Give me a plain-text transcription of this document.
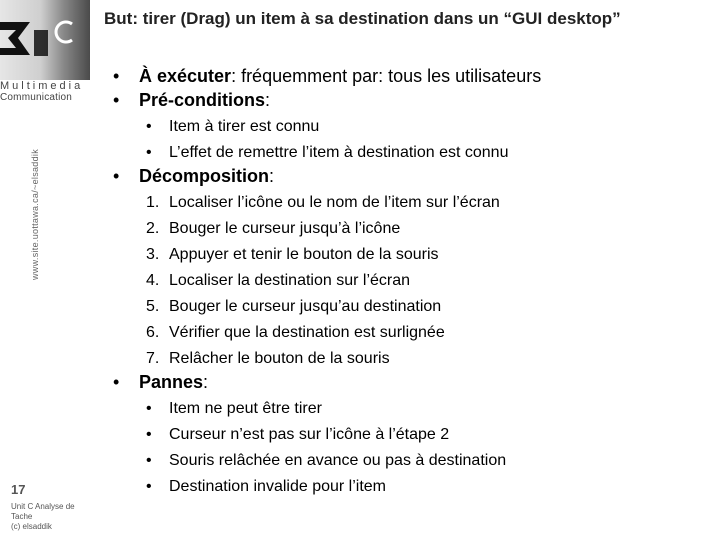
Multimedia
Communication
www.site.uottawa.ca/~elsaddik
But: tirer (Drag) un item à sa destination dans un “GUI desktop”
• À exécuter: fréquemment par: tous les utilisateurs
• Pré-conditions:
• Item à tirer est connu
• L’effet de remettre l’item à destination est connu
• Décomposition:
1. Localiser l’icône ou le nom de l’item sur l’écran
2. Bouger le curseur jusqu’à l’icône
3. Appuyer et tenir le bouton de la souris
4. Localiser la destination sur l’écran
5. Bouger le curseur jusqu’au destination
6. Vérifier que la destination est surlignée
7. Relâcher le bouton de la souris
• Pannes:
• Item ne peut être tirer
• Curseur n’est pas sur l’icône à l’étape 2
• Souris relâchée en avance ou pas à destination
• Destination invalide pour l’item
17
Unit C Analyse de
Tache
(c) elsaddik
